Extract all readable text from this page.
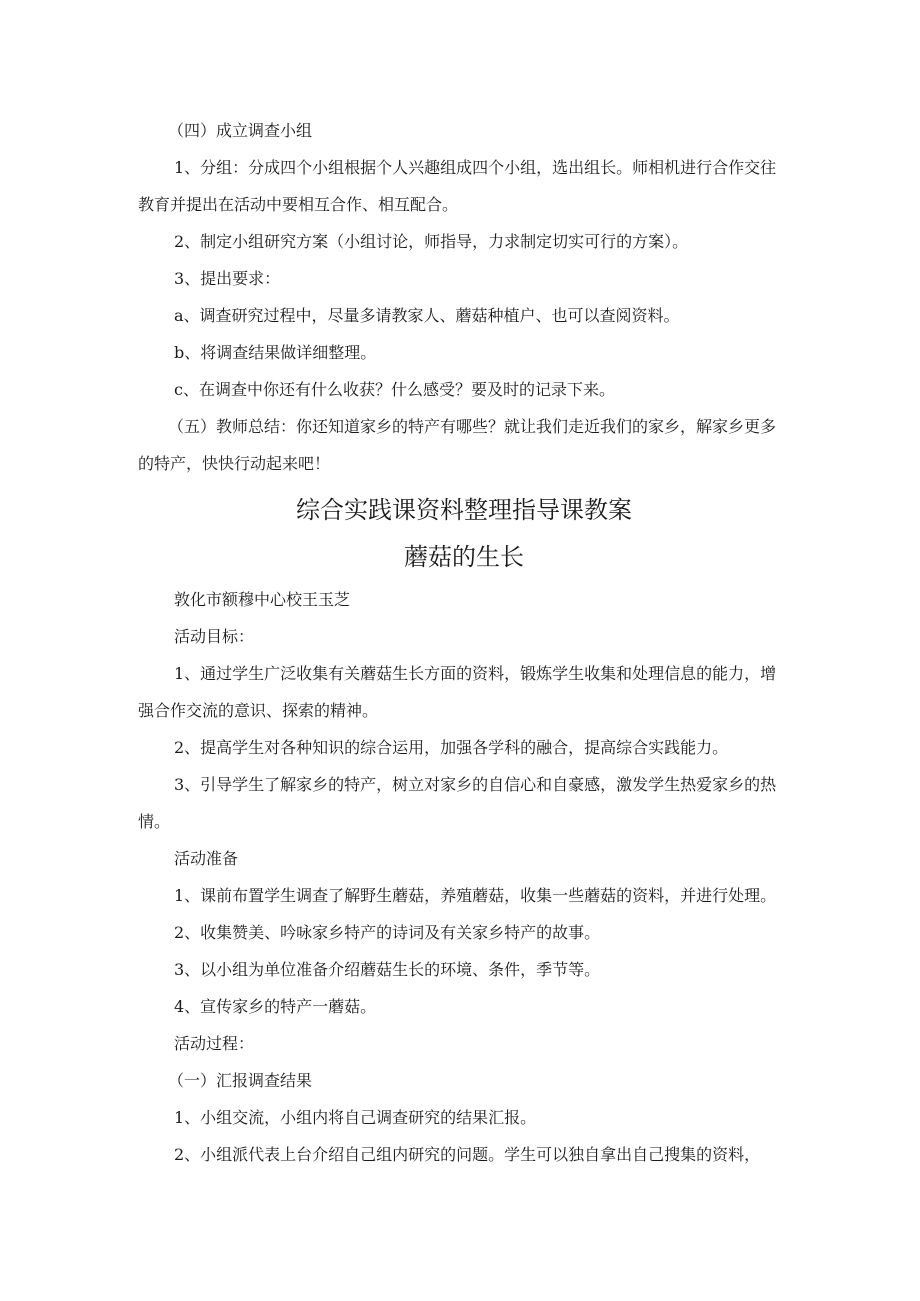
（四）成立调查小组

1、分组：分成四个小组根据个人兴趣组成四个小组，选出组长。师相机进行合作交往教育并提出在活动中要相互合作、相互配合。

2、制定小组研究方案（小组讨论，师指导，力求制定切实可行的方案）。

3、提出要求：

a、调查研究过程中，尽量多请教家人、蘑菇种植户、也可以查阅资料。

b、将调查结果做详细整理。

c、在调查中你还有什么收获？什么感受？要及时的记录下来。

（五）教师总结：你还知道家乡的特产有哪些？就让我们走近我们的家乡，解家乡更多的特产，快快行动起来吧！

综合实践课资料整理指导课教案
蘑菇的生长

敦化市额穆中心校王玉芝

活动目标：

1、通过学生广泛收集有关蘑菇生长方面的资料，锻炼学生收集和处理信息的能力，增强合作交流的意识、探索的精神。

2、提高学生对各种知识的综合运用，加强各学科的融合，提高综合实践能力。

3、引导学生了解家乡的特产，树立对家乡的自信心和自豪感，激发学生热爱家乡的热情。

活动准备

1、课前布置学生调查了解野生蘑菇，养殖蘑菇，收集一些蘑菇的资料，并进行处理。

2、收集赞美、吟咏家乡特产的诗词及有关家乡特产的故事。

3、以小组为单位准备介绍蘑菇生长的环境、条件，季节等。

4、宣传家乡的特产一蘑菇。

活动过程：

（一）汇报调查结果

1、小组交流，小组内将自己调查研究的结果汇报。

2、小组派代表上台介绍自己组内研究的问题。学生可以独自拿出自己搜集的资料，
